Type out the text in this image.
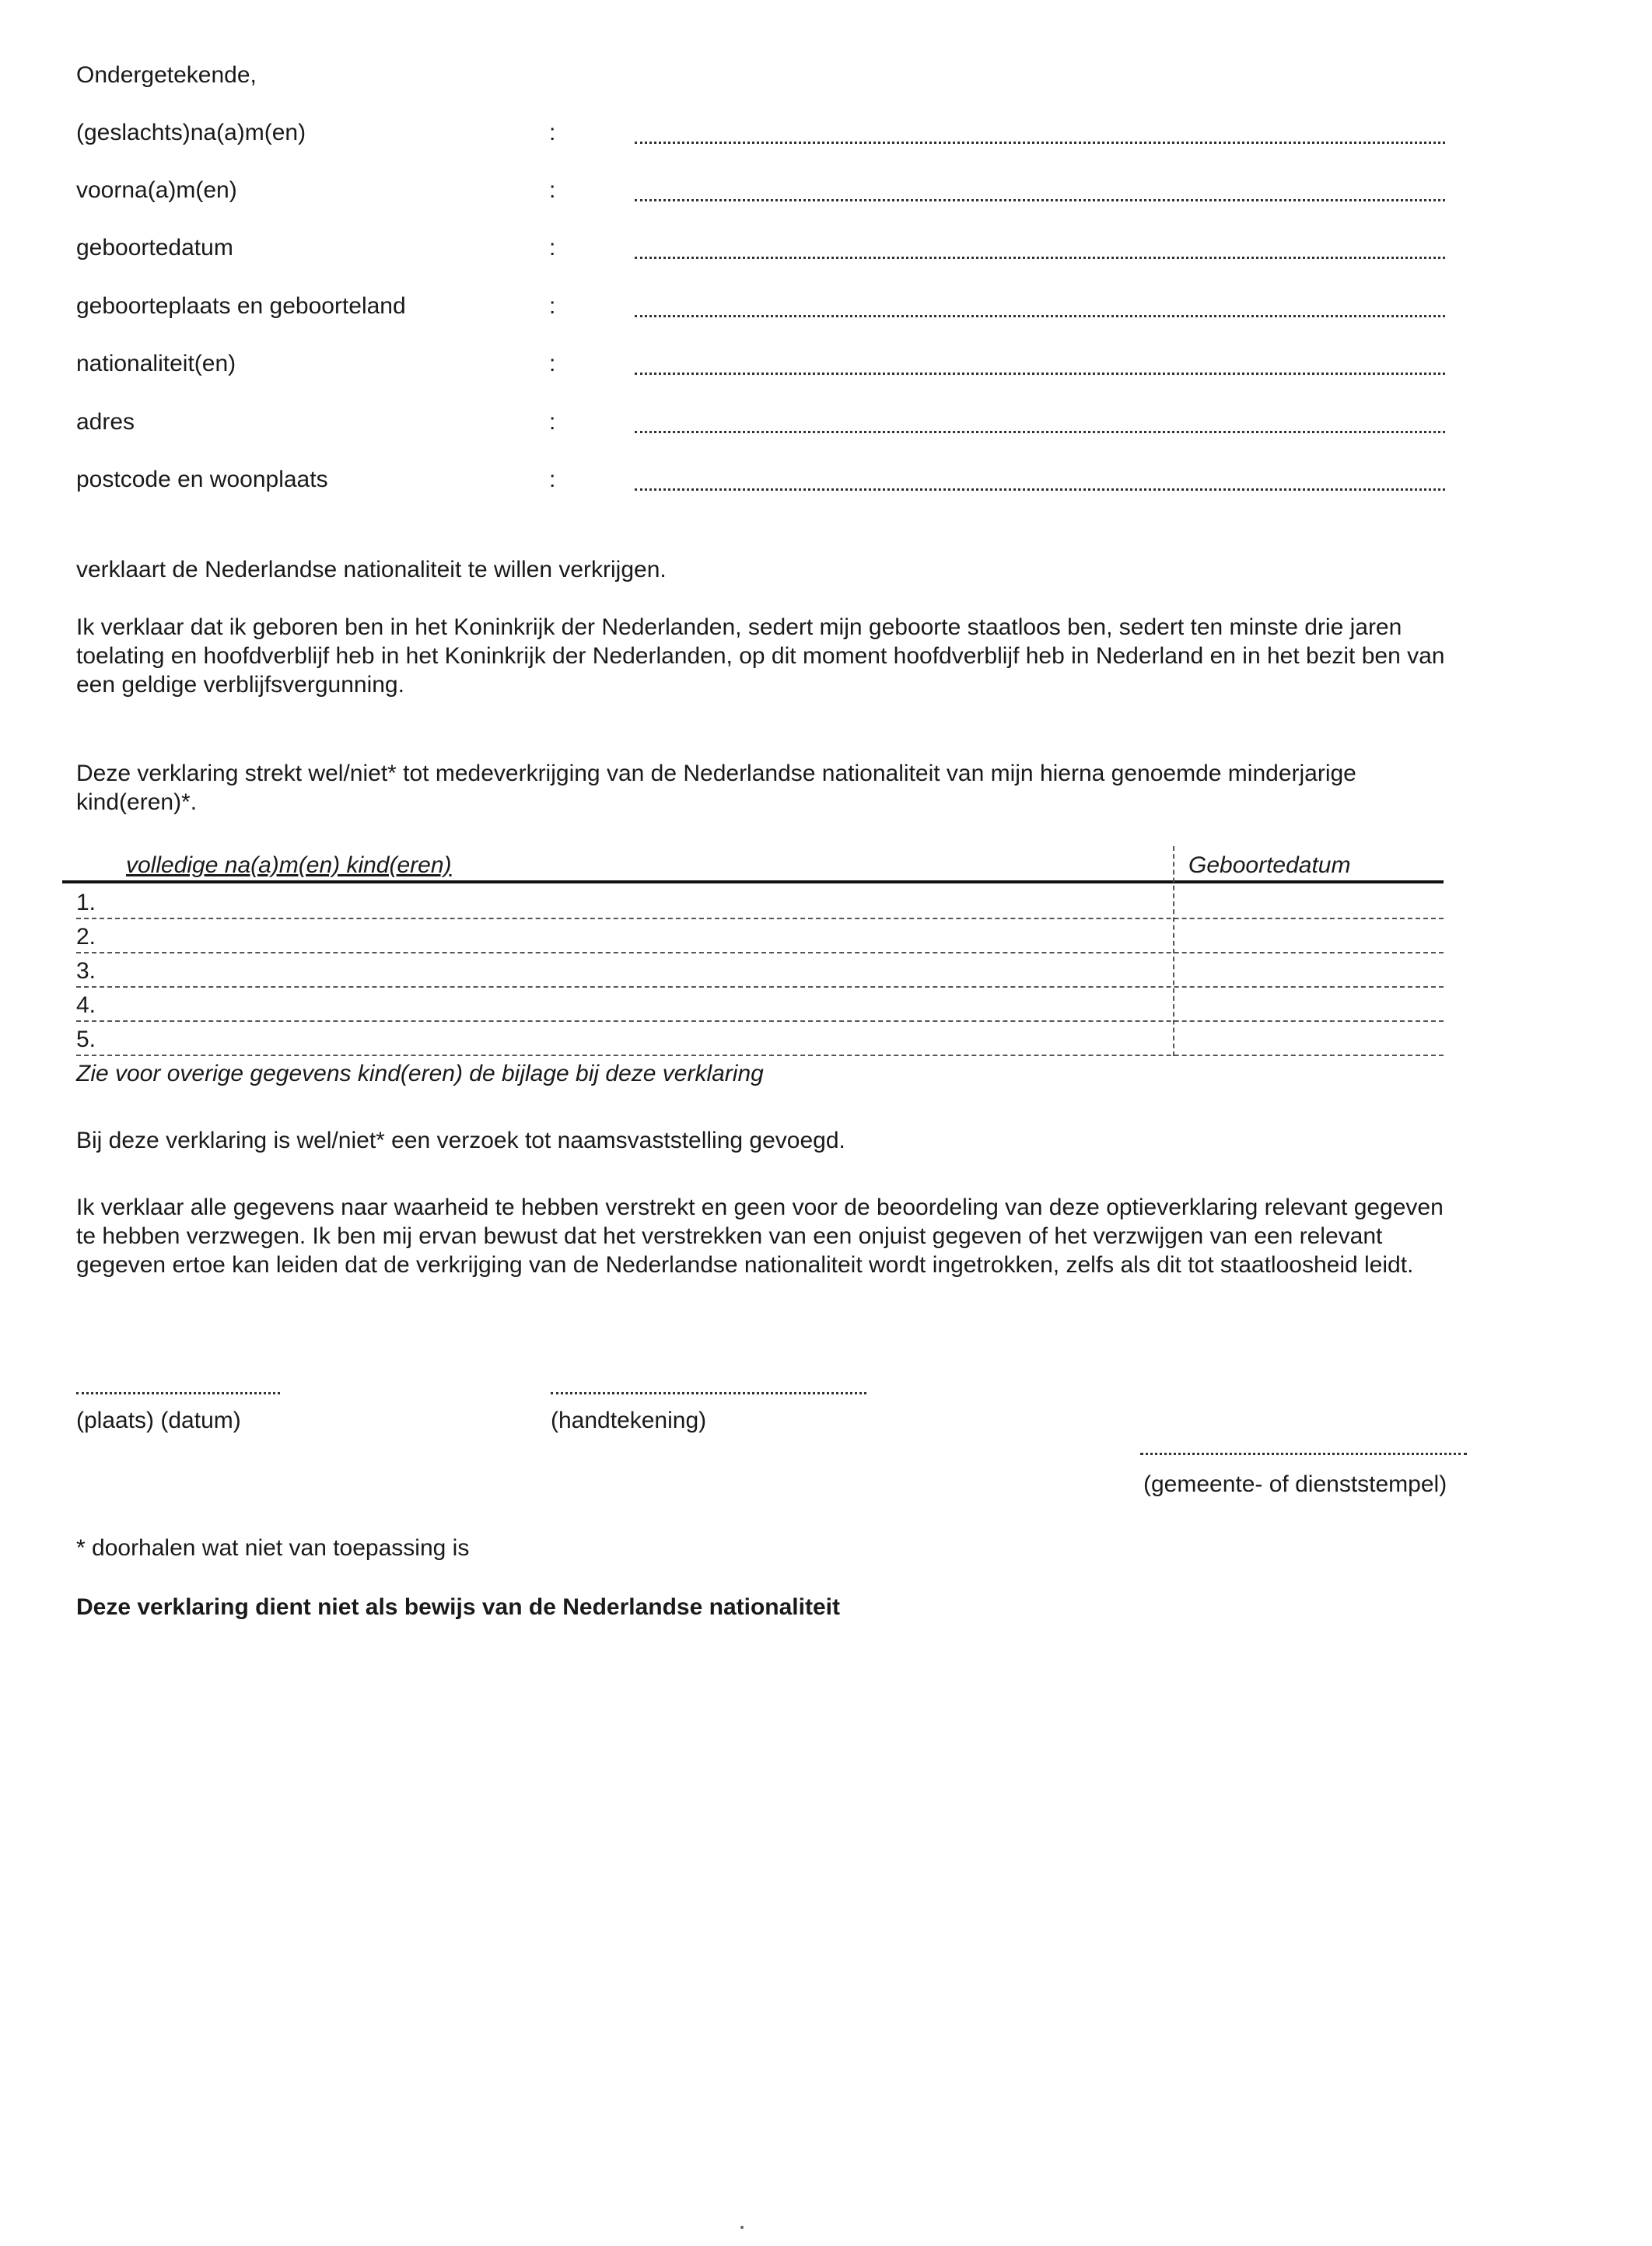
Ondergetekende,
(geslachts)na(a)m(en)	:
voorna(a)m(en)	:
geboortedatum	:
geboorteplaats en geboorteland	:
nationaliteit(en)	:
adres	:
postcode en woonplaats	:
verklaart de Nederlandse nationaliteit te willen verkrijgen.
Ik verklaar dat ik geboren ben in het Koninkrijk der Nederlanden, sedert mijn geboorte staatloos ben, sedert ten minste drie jaren toelating en hoofdverblijf heb in het Koninkrijk der Nederlanden, op dit moment hoofdverblijf heb in Nederland en in het bezit ben van een geldige verblijfsvergunning.
Deze verklaring strekt wel/niet* tot medeverkrijging van de Nederlandse nationaliteit van mijn hierna genoemde minderjarige kind(eren)*.
volledige na(a)m(en) kind(eren)	Geboortedatum
1.
2.
3.
4.
5.
Zie voor overige gegevens kind(eren) de bijlage bij deze verklaring
Bij deze verklaring is wel/niet* een verzoek tot naamsvaststelling gevoegd.
Ik verklaar alle gegevens naar waarheid te hebben verstrekt en geen voor de beoordeling van deze optieverklaring relevant gegeven te hebben verzwegen. Ik ben mij ervan bewust dat het verstrekken van een onjuist gegeven of het verzwijgen van een relevant gegeven ertoe kan leiden dat de verkrijging van de Nederlandse nationaliteit wordt ingetrokken, zelfs als dit tot staatloosheid leidt.
(plaats) (datum)	(handtekening)
(gemeente- of dienststempel)
* doorhalen wat niet van toepassing is
Deze verklaring dient niet als bewijs van de Nederlandse nationaliteit
